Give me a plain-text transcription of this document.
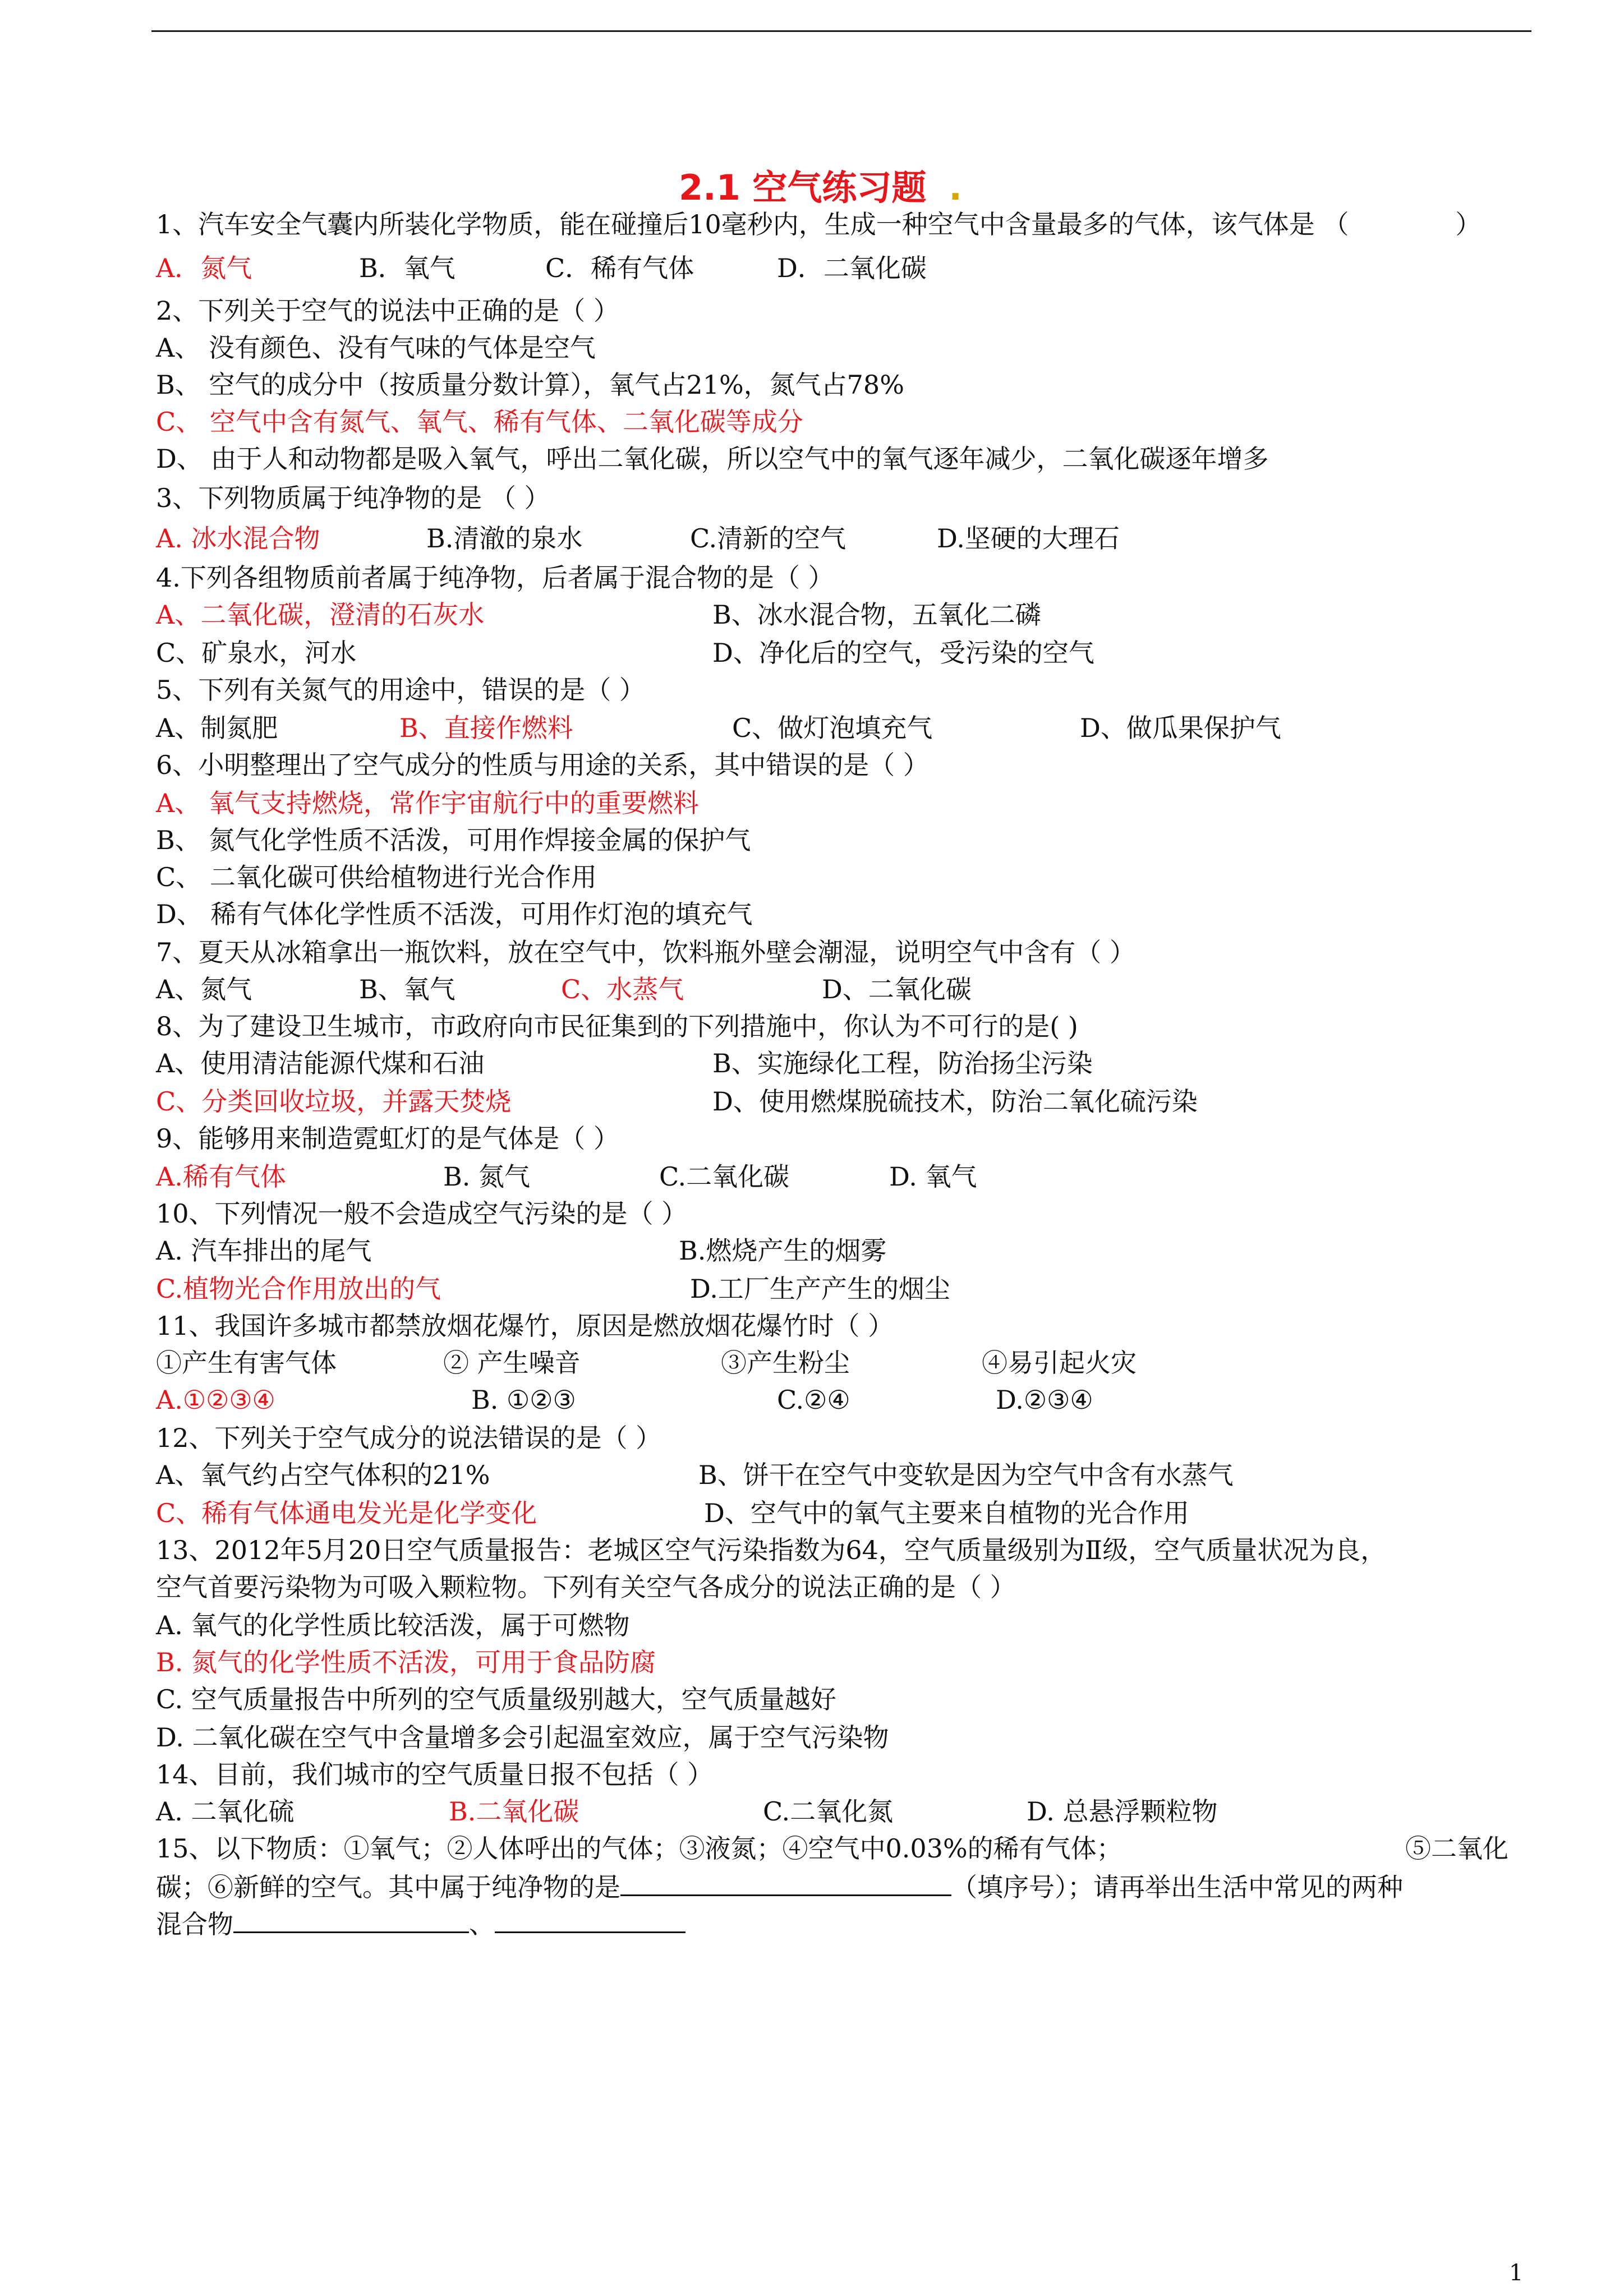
2.1 空气练习题 .
1、汽车安全气囊内所装化学物质，能在碰撞后10毫秒内，生成一种空气中含量最多的气体，该气体是 （	）
A．氮气	B．氧气	C．稀有气体	D．二氧化碳
2、下列关于空气的说法中正确的是（ ）
A、 没有颜色、没有气味的气体是空气
B、 空气的成分中（按质量分数计算），氧气占21%，氮气占78%
C、 空气中含有氮气、氧气、稀有气体、二氧化碳等成分
D、 由于人和动物都是吸入氧气，呼出二氧化碳，所以空气中的氧气逐年减少，二氧化碳逐年增多
3、下列物质属于纯净物的是 （ ）
A. 冰水混合物	B.清澈的泉水	C.清新的空气	D.坚硬的大理石
4.下列各组物质前者属于纯净物，后者属于混合物的是（ ）
A、二氧化碳，澄清的石灰水	B、冰水混合物，五氧化二磷
C、矿泉水，河水	D、净化后的空气，受污染的空气
5、下列有关氮气的用途中，错误的是（ ）
A、制氮肥	B、直接作燃料	C、做灯泡填充气	D、做瓜果保护气
6、小明整理出了空气成分的性质与用途的关系，其中错误的是（ ）
A、 氧气支持燃烧，常作宇宙航行中的重要燃料
B、 氮气化学性质不活泼，可用作焊接金属的保护气
C、 二氧化碳可供给植物进行光合作用
D、 稀有气体化学性质不活泼，可用作灯泡的填充气
7、夏天从冰箱拿出一瓶饮料，放在空气中，饮料瓶外壁会潮湿，说明空气中含有（ ）
A、氮气	B、氧气	C、水蒸气	D、二氧化碳
8、为了建设卫生城市，市政府向市民征集到的下列措施中，你认为不可行的是( )
A、使用清洁能源代煤和石油	B、实施绿化工程，防治扬尘污染
C、分类回收垃圾，并露天焚烧	D、使用燃煤脱硫技术，防治二氧化硫污染
9、能够用来制造霓虹灯的是气体是（ ）
A.稀有气体	B. 氮气	C.二氧化碳	D. 氧气
10、下列情况一般不会造成空气污染的是（ ）
A. 汽车排出的尾气	B.燃烧产生的烟雾
C.植物光合作用放出的气	D.工厂生产产生的烟尘
11、我国许多城市都禁放烟花爆竹，原因是燃放烟花爆竹时（ ）
①产生有害气体	② 产生噪音	③产生粉尘	④易引起火灾
A.①②③④	B. ①②③	C.②④	D.②③④
12、下列关于空气成分的说法错误的是（ ）
A、氧气约占空气体积的21%	B、饼干在空气中变软是因为空气中含有水蒸气
C、稀有气体通电发光是化学变化	D、空气中的氧气主要来自植物的光合作用
13、2012年5月20日空气质量报告：老城区空气污染指数为64，空气质量级别为Ⅱ级，空气质量状况为良，
空气首要污染物为可吸入颗粒物。下列有关空气各成分的说法正确的是（ ）
A. 氧气的化学性质比较活泼，属于可燃物
B. 氮气的化学性质不活泼，可用于食品防腐
C. 空气质量报告中所列的空气质量级别越大，空气质量越好
D. 二氧化碳在空气中含量增多会引起温室效应，属于空气污染物
14、目前，我们城市的空气质量日报不包括（ ）
A. 二氧化硫	B.二氧化碳	C.二氧化氮	D. 总悬浮颗粒物
15、以下物质：①氧气；②人体呼出的气体；③液氮；④空气中0.03%的稀有气体；	⑤二氧化
碳；⑥新鲜的空气。其中属于纯净物的是	（填序号）；请再举出生活中常见的两种
混合物	、
1
